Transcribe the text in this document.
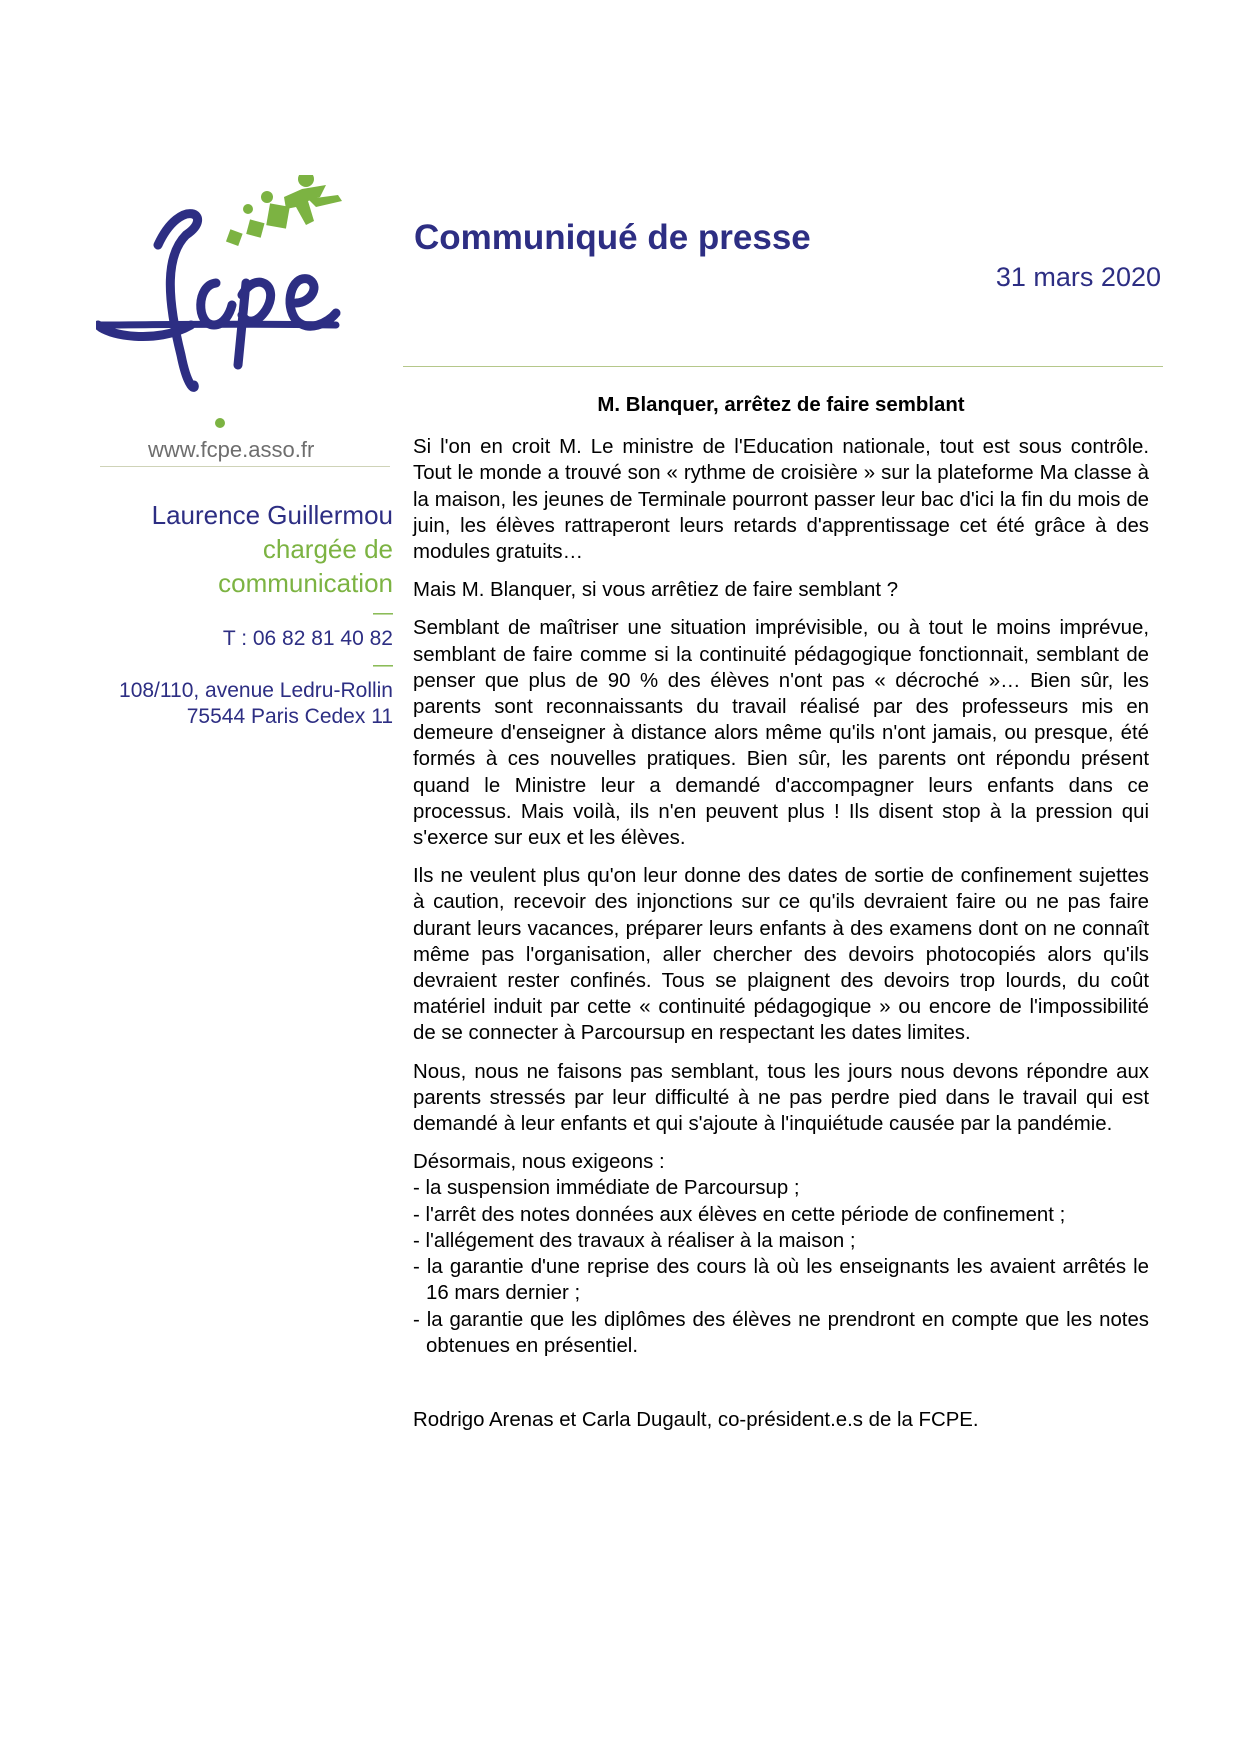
www.fcpe.asso.fr
Laurence Guillermou
chargée de
communication
—
T : 06 82 81 40 82
—
108/110, avenue Ledru-Rollin
75544 Paris Cedex 11
Communiqué de presse
31 mars 2020
M. Blanquer, arrêtez de faire semblant

Si l'on en croit M. Le ministre de l'Education nationale, tout est sous contrôle. Tout le monde a trouvé son « rythme de croisière » sur la plateforme Ma classe à la maison, les jeunes de Terminale pourront passer leur bac d'ici la fin du mois de juin, les élèves rattraperont leurs retards d'apprentissage cet été grâce à des modules gratuits…

Mais M. Blanquer, si vous arrêtiez de faire semblant ?

Semblant de maîtriser une situation imprévisible, ou à tout le moins imprévue, semblant de faire comme si la continuité pédagogique fonctionnait, semblant de penser que plus de 90 % des élèves n'ont pas « décroché »… Bien sûr, les parents sont reconnaissants du travail réalisé par des professeurs mis en demeure d'enseigner à distance alors même qu'ils n'ont jamais, ou presque, été formés à ces nouvelles pratiques. Bien sûr, les parents ont répondu présent quand le Ministre leur a demandé d'accompagner leurs enfants dans ce processus. Mais voilà, ils n'en peuvent plus ! Ils disent stop à la pression qui s'exerce sur eux et les élèves.

Ils ne veulent plus qu'on leur donne des dates de sortie de confinement sujettes à caution, recevoir des injonctions sur ce qu'ils devraient faire ou ne pas faire durant leurs vacances, préparer leurs enfants à des examens dont on ne connaît même pas l'organisation, aller chercher des devoirs photocopiés alors qu'ils devraient rester confinés. Tous se plaignent des devoirs trop lourds, du coût matériel induit par cette « continuité pédagogique » ou encore de l'impossibilité de se connecter à Parcoursup en respectant les dates limites.

Nous, nous ne faisons pas semblant, tous les jours nous devons répondre aux parents stressés par leur difficulté à ne pas perdre pied dans le travail qui est demandé à leur enfants et qui s'ajoute à l'inquiétude causée par la pandémie.

Désormais, nous exigeons :

- la suspension immédiate de Parcoursup ;

- l'arrêt des notes données aux élèves en cette période de confinement ;

- l'allégement des travaux à réaliser à la maison ;

- la garantie d'une reprise des cours là où les enseignants les avaient arrêtés le 16 mars dernier ;

- la garantie que les diplômes des élèves ne prendront en compte que les notes obtenues en présentiel.

Rodrigo Arenas et Carla Dugault, co-président.e.s de la FCPE.
